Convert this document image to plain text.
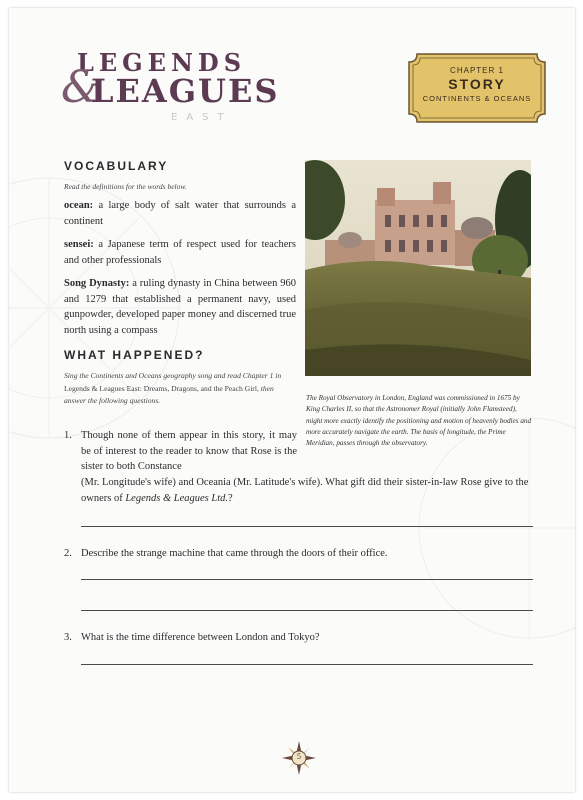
LEGENDS
&
LEAGUES
EAST
CHAPTER 1
STORY
CONTINENTS & OCEANS
VOCABULARY
Read the definitions for the words below.
ocean: a large body of salt water that surrounds a continent
sensei: a Japanese term of respect used for teachers and other professionals
Song Dynasty: a ruling dynasty in China between 960 and 1279 that established a permanent navy, used gunpowder, developed paper money and discerned true north using a compass
WHAT HAPPENED?
Sing the Continents and Oceans geography song and read Chapter 1 in Legends & Leagues East: Dreams, Dragons, and the Peach Girl, then answer the following questions.	The Royal Observatory in London, England was commissioned in 1675 by King Charles II, so that the Astronomer Royal (initially John Flamsteed), might more exactly identify the positioning and motion of heavenly bodies and more accurately navigate the earth. The basis of longitude, the Prime Meridian, passes through the observatory.
1. Though none of them appear in this story, it may be of interest to the reader to know that Rose is the sister to both Constance
(Mr. Longitude's wife) and Oceania (Mr. Latitude's wife). What gift did their sister-in-law Rose give to the owners of Legends & Leagues Ltd.?
2. Describe the strange machine that came through the doors of their office.
3. What is the time difference between London and Tokyo?
5
